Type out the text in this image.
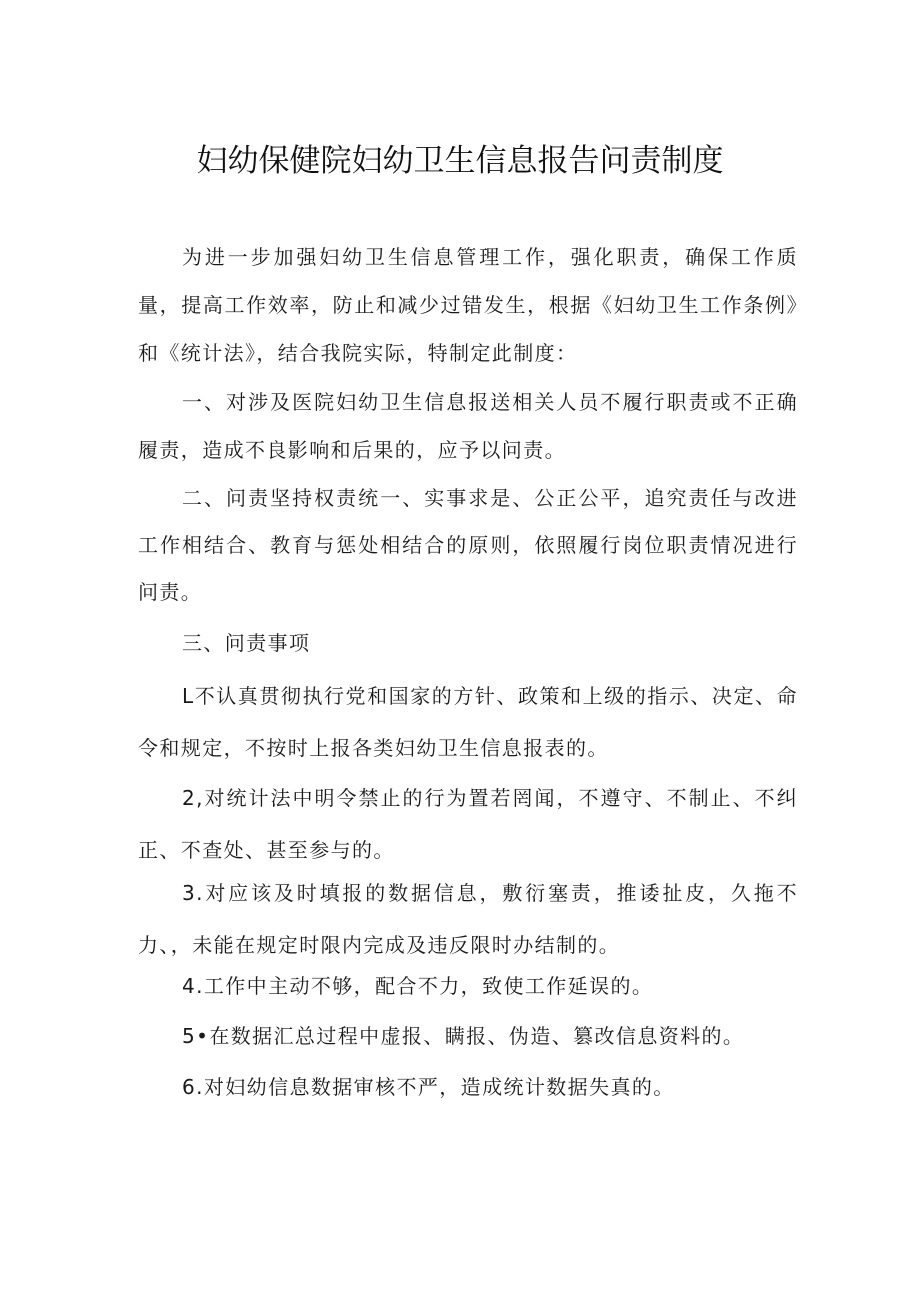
妇幼保健院妇幼卫生信息报告问责制度

为进一步加强妇幼卫生信息管理工作，强化职责，确保工作质量，提高工作效率，防止和减少过错发生，根据《妇幼卫生工作条例》和《统计法》，结合我院实际，特制定此制度：

一、对涉及医院妇幼卫生信息报送相关人员不履行职责或不正确履责，造成不良影响和后果的，应予以问责。

二、问责坚持权责统一、实事求是、公正公平，追究责任与改进工作相结合、教育与惩处相结合的原则，依照履行岗位职责情况进行问责。

三、问责事项

L不认真贯彻执行党和国家的方针、政策和上级的指示、决定、命令和规定，不按时上报各类妇幼卫生信息报表的。

2,对统计法中明令禁止的行为置若罔闻，不遵守、不制止、不纠正、不查处、甚至参与的。

3.对应该及时填报的数据信息，敷衍塞责，推诿扯皮，久拖不力、，未能在规定时限内完成及违反限时办结制的。

4.工作中主动不够，配合不力，致使工作延误的。

5•在数据汇总过程中虚报、瞒报、伪造、篡改信息资料的。

6.对妇幼信息数据审核不严，造成统计数据失真的。
